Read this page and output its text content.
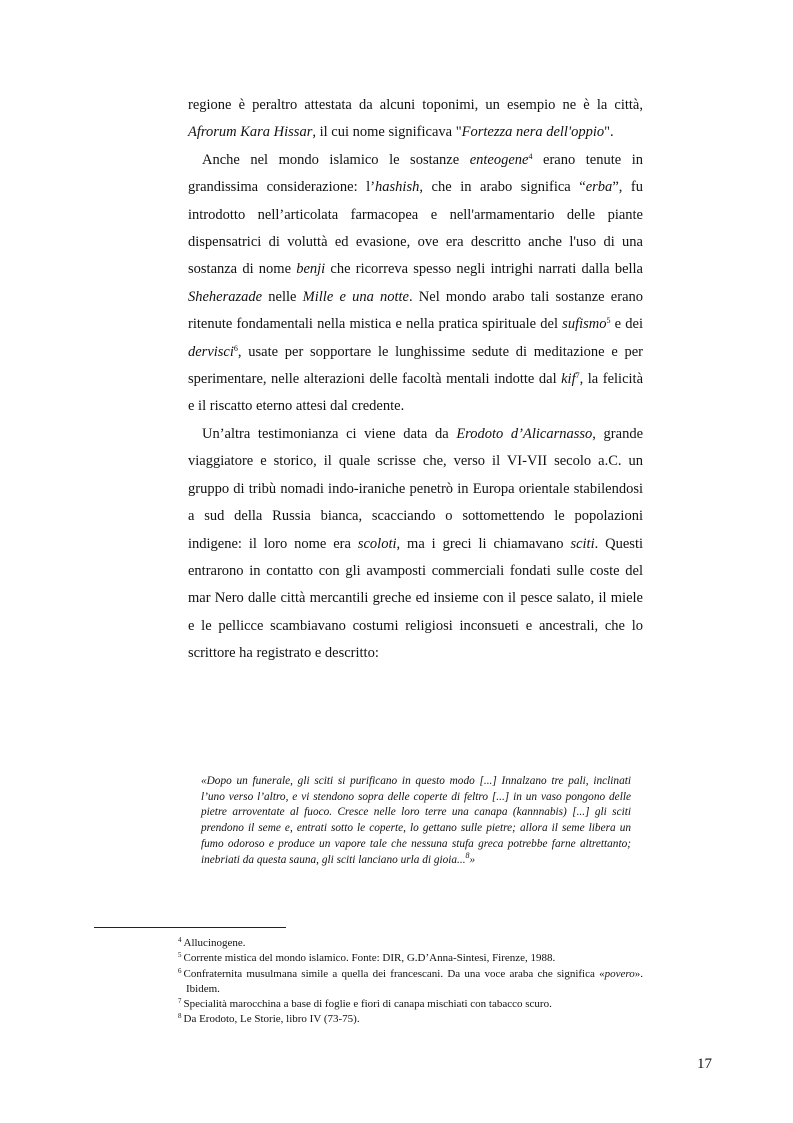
regione è peraltro attestata da alcuni toponimi, un esempio ne è la città, Afrorum Kara Hissar, il cui nome significava "Fortezza nera dell'oppio".

Anche nel mondo islamico le sostanze enteogene$^4$ erano tenute in grandissima considerazione: l’hashish, che in arabo significa “erba”, fu introdotto nell’articolata farmacopea e nell'armamentario delle piante dispensatrici di voluttà ed evasione, ove era descritto anche l'uso di una sostanza di nome benji che ricorreva spesso negli intrighi narrati dalla bella Sheherazade nelle Mille e una notte. Nel mondo arabo tali sostanze erano ritenute fondamentali nella mistica e nella pratica spirituale del sufismo$^5$ e dei dervisci$^6$, usate per sopportare le lunghissime sedute di meditazione e per sperimentare, nelle alterazioni delle facoltà mentali indotte dal kif$^7$, la felicità e il riscatto eterno attesi dal credente.

Un’altra testimonianza ci viene data da Erodoto d’Alicarnasso, grande viaggiatore e storico, il quale scrisse che, verso il VI-VII secolo a.C. un gruppo di tribù nomadi indo-iraniche penetrò in Europa orientale stabilendosi a sud della Russia bianca, scacciando o sottomettendo le popolazioni indigene: il loro nome era scoloti, ma i greci li chiamavano sciti. Questi entrarono in contatto con gli avamposti commerciali fondati sulle coste del mar Nero dalle città mercantili greche ed insieme con il pesce salato, il miele e le pellicce scambiavano costumi religiosi inconsueti e ancestrali, che lo scrittore ha registrato e descritto:

«Dopo un funerale, gli sciti si purificano in questo modo [...] Innalzano tre pali, inclinati l’uno verso l’altro, e vi stendono sopra delle coperte di feltro [...] in un vaso pongono delle pietre arroventate al fuoco. Cresce nelle loro terre una canapa (kannnabis) [...] gli sciti prendono il seme e, entrati sotto le coperte, lo gettano sulle pietre; allora il seme libera un fumo odoroso e produce un vapore tale che nessuna stufa greca potrebbe farne altrettanto; inebriati da questa sauna, gli sciti lanciano urla di gioia...$^8$»

$^4$ Allucinogene.
$^5$ Corrente mistica del mondo islamico. Fonte: DIR, G.D’Anna-Sintesi, Firenze, 1988.
$^6$ Confraternita musulmana simile a quella dei francescani. Da una voce araba che significa «povero». Ibidem.
$^7$ Specialità marocchina a base di foglie e fiori di canapa mischiati con tabacco scuro.
$^8$ Da Erodoto, Le Storie, libro IV (73-75).
17
